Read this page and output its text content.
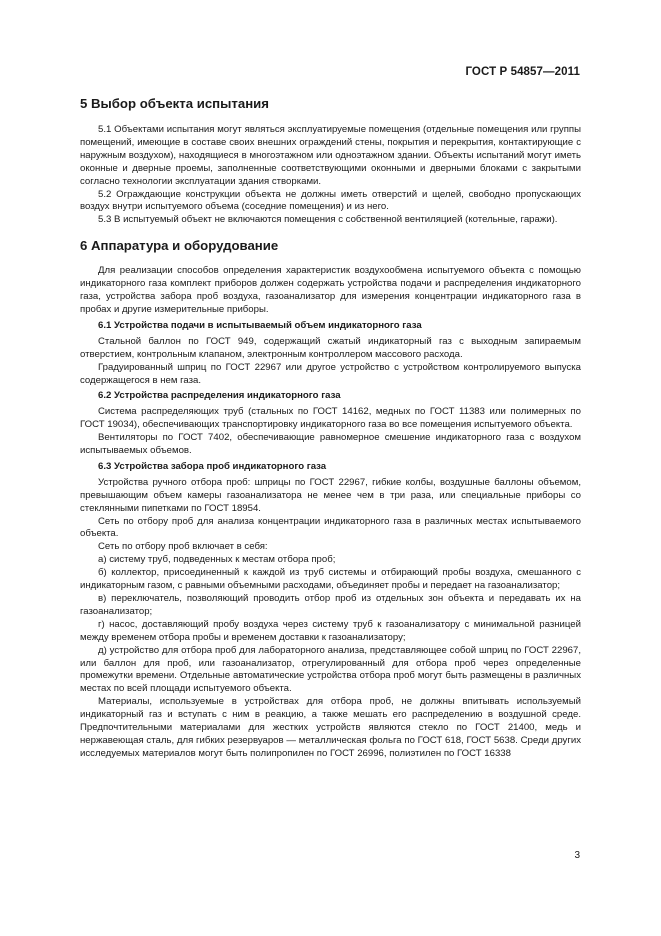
ГОСТ Р 54857—2011
5 Выбор объекта испытания

5.1 Объектами испытания могут являться эксплуатируемые помещения (отдельные помещения или группы помещений, имеющие в составе своих внешних ограждений стены, покрытия и перекрытия, контактирующие с наружным воздухом), находящиеся в многоэтажном или одноэтажном здании. Объекты испытаний могут иметь оконные и дверные проемы, заполненные соответствующими оконными и дверными блоками с закрытыми согласно технологии эксплуатации здания створками.

5.2 Ограждающие конструкции объекта не должны иметь отверстий и щелей, свободно пропускающих воздух внутри испытуемого объема (соседние помещения) и из него.

5.3 В испытуемый объект не включаются помещения с собственной вентиляцией (котельные, гаражи).

6 Аппаратура и оборудование

Для реализации способов определения характеристик воздухообмена испытуемого объекта с помощью индикаторного газа комплект приборов должен содержать устройства подачи и распределения индикаторного газа, устройства забора проб воздуха, газоанализатор для измерения концентрации индикаторного газа в пробах и другие измерительные приборы.

6.1 Устройства подачи в испытываемый объем индикаторного газа

Стальной баллон по ГОСТ 949, содержащий сжатый индикаторный газ с выходным запираемым отверстием, контрольным клапаном, электронным контроллером массового расхода.

Градуированный шприц по ГОСТ 22967 или другое устройство с устройством контролируемого выпуска содержащегося в нем газа.

6.2 Устройства распределения индикаторного газа

Система распределяющих труб (стальных по ГОСТ 14162, медных по ГОСТ 11383 или полимерных по ГОСТ 19034), обеспечивающих транспортировку индикаторного газа во все помещения испытуемого объекта.

Вентиляторы по ГОСТ 7402, обеспечивающие равномерное смешение индикаторного газа с воздухом испытываемых объемов.

6.3 Устройства забора проб индикаторного газа

Устройства ручного отбора проб: шприцы по ГОСТ 22967, гибкие колбы, воздушные баллоны объемом, превышающим объем камеры газоанализатора не менее чем в три раза, или специальные приборы со стеклянными пипетками по ГОСТ 18954.

Сеть по отбору проб для анализа концентрации индикаторного газа в различных местах испытываемого объекта.

Сеть по отбору проб включает в себя:

а) систему труб, подведенных к местам отбора проб;

б) коллектор, присоединенный к каждой из труб системы и отбирающий пробы воздуха, смешанного с индикаторным газом, с равными объемными расходами, объединяет пробы и передает на газоанализатор;

в) переключатель, позволяющий проводить отбор проб из отдельных зон объекта и передавать их на газоанализатор;

г) насос, доставляющий пробу воздуха через систему труб к газоанализатору с минимальной разницей между временем отбора пробы и временем доставки к газоанализатору;

д) устройство для отбора проб для лабораторного анализа, представляющее собой шприц по ГОСТ 22967, или баллон для проб, или газоанализатор, отрегулированный для отбора проб через определенные промежутки времени. Отдельные автоматические устройства отбора проб могут быть размещены в различных местах по всей площади испытуемого объекта.

Материалы, используемые в устройствах для отбора проб, не должны впитывать используемый индикаторный газ и вступать с ним в реакцию, а также мешать его распределению в воздушной среде. Предпочтительными материалами для жестких устройств являются стекло по ГОСТ 21400, медь и нержавеющая сталь, для гибких резервуаров — металлическая фольга по ГОСТ 618, ГОСТ 5638. Среди других исследуемых материалов могут быть полипропилен по ГОСТ 26996, полиэтилен по ГОСТ 16338

3
